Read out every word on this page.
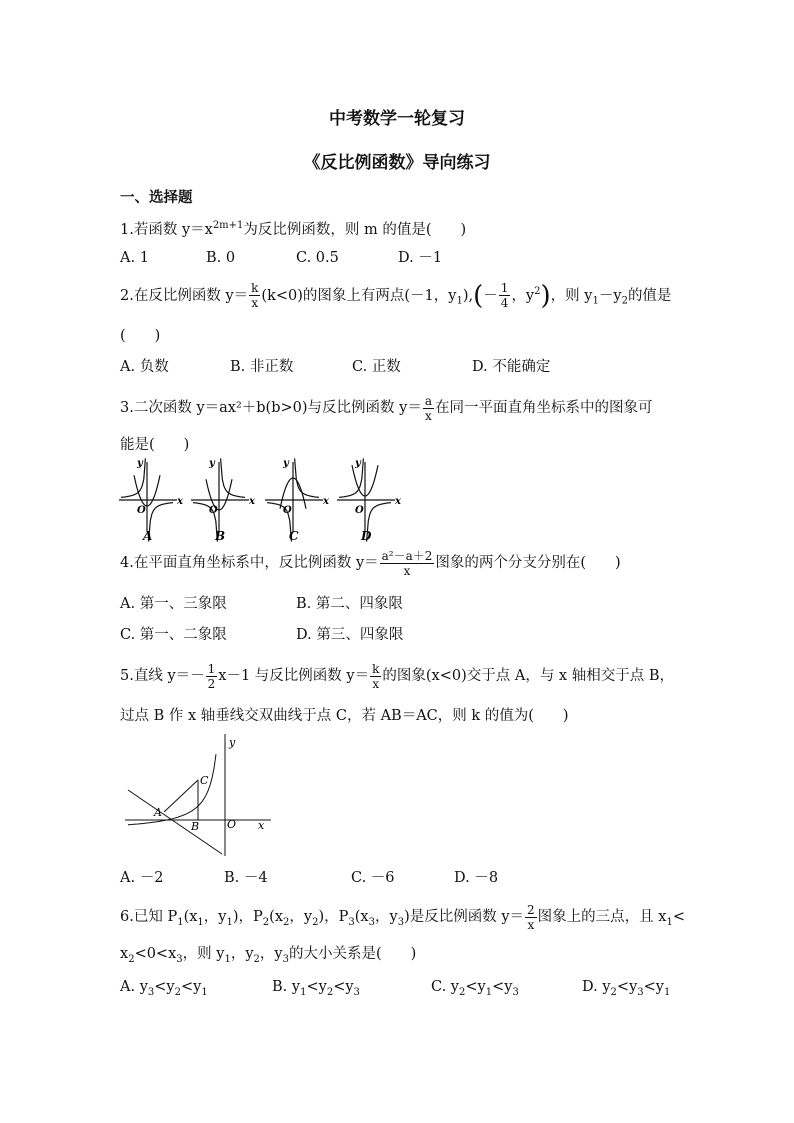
中考数学一轮复习
《反比例函数》导向练习
一、选择题
1.若函数 $y=x^{2m+1}$为反比例函数，则 m 的值是(　　)
A. 1	B. 0	C. 0.5	D. －1
2.在反比例函数 $y= \frac{k}{x} (k<0)$的图象上有两点(－1，$y_1),(- \frac{1}{4}$ ，$y^2$)，则 $y_1-y_2$的值是
(　　)
A. 负数	B. 非正数	C. 正数	D. 不能确定
3.二次函数 y＝ax²＋b(b>0)与反比例函数 $y= \frac{a}{x}$ 在同一平面直角坐标系中的图象可
能是(　　)
A
y
x
O
B
y
x
O
C
y
x
O
D
y
x
O
4.在平面直角坐标系中，反比例函数 $y= \frac{\text{a²－a＋2}}{x}$ 图象的两个分支分别在(　　)
A. 第一、三象限	B. 第二、四象限
C. 第一、二象限	D. 第三、四象限
5.直线 $y=- \frac{1}{2} x-1$ 与反比例函数 $y= \frac{k}{x}$ 的图象(x<0)交于点 A，与 x 轴相交于点 B，
过点 B 作 x 轴垂线交双曲线于点 C，若 AB＝AC，则 k 的值为(　　)
A
B
C
O x
y
A. －2	B. －4	C. －6	D. －8
6.已知 $P_1(x_1$，$y_1$)，$P_2(x_2$，$y_2$)，$P_3(x_3$，$y_3$)是反比例函数 $y= \frac{2}{x}$ 图象上的三点，且 $x_1<$
$x_2<0<x_3$，则 $y_1$，$y_2$，$y_3$的大小关系是(　　)
A. $y_3<y_2<y_1$	B. $y_1<y_2<y_3$	C. $y_2<y_1<y_3$	D. $y_2<y_3<y_1$
